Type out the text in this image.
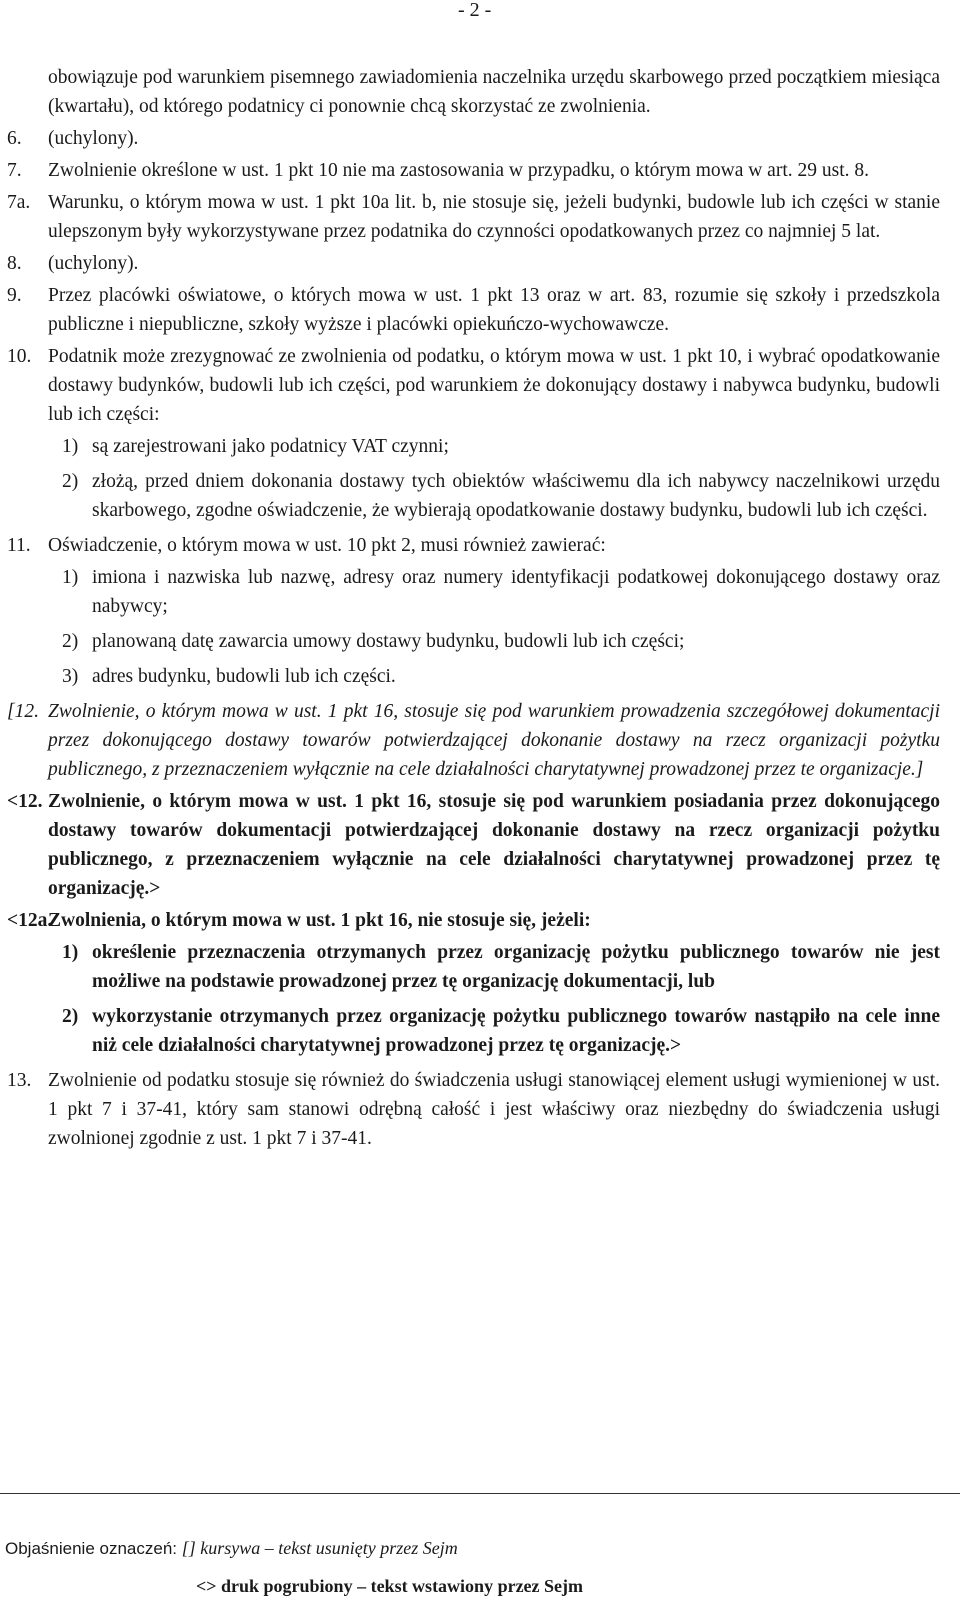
- 2 -
obowiązuje pod warunkiem pisemnego zawiadomienia naczelnika urzędu skarbowego przed początkiem miesiąca (kwartału), od którego podatnicy ci ponownie chcą skorzystać ze zwolnienia.
6. (uchylony).
7. Zwolnienie określone w ust. 1 pkt 10 nie ma zastosowania w przypadku, o którym mowa w art. 29 ust. 8.
7a. Warunku, o którym mowa w ust. 1 pkt 10a lit. b, nie stosuje się, jeżeli budynki, budowle lub ich części w stanie ulepszonym były wykorzystywane przez podatnika do czynności opodatkowanych przez co najmniej 5 lat.
8. (uchylony).
9. Przez placówki oświatowe, o których mowa w ust. 1 pkt 13 oraz w art. 83, rozumie się szkoły i przedszkola publiczne i niepubliczne, szkoły wyższe i placówki opiekuńczo-wychowawcze.
10. Podatnik może zrezygnować ze zwolnienia od podatku, o którym mowa w ust. 1 pkt 10, i wybrać opodatkowanie dostawy budynków, budowli lub ich części, pod warunkiem że dokonujący dostawy i nabywca budynku, budowli lub ich części:
1) są zarejestrowani jako podatnicy VAT czynni;
2) złożą, przed dniem dokonania dostawy tych obiektów właściwemu dla ich nabywcy naczelnikowi urzędu skarbowego, zgodne oświadczenie, że wybierają opodatkowanie dostawy budynku, budowli lub ich części.
11. Oświadczenie, o którym mowa w ust. 10 pkt 2, musi również zawierać:
1) imiona i nazwiska lub nazwę, adresy oraz numery identyfikacji podatkowej dokonującego dostawy oraz nabywcy;
2) planowaną datę zawarcia umowy dostawy budynku, budowli lub ich części;
3) adres budynku, budowli lub ich części.
[12. Zwolnienie, o którym mowa w ust. 1 pkt 16, stosuje się pod warunkiem prowadzenia szczegółowej dokumentacji przez dokonującego dostawy towarów potwierdzającej dokonanie dostawy na rzecz organizacji pożytku publicznego, z przeznaczeniem wyłącznie na cele działalności charytatywnej prowadzonej przez te organizacje.]
<12. Zwolnienie, o którym mowa w ust. 1 pkt 16, stosuje się pod warunkiem posiadania przez dokonującego dostawy towarów dokumentacji potwierdzającej dokonanie dostawy na rzecz organizacji pożytku publicznego, z przeznaczeniem wyłącznie na cele działalności charytatywnej prowadzonej przez tę organizację.>
<12a.
Zwolnienia, o którym mowa w ust. 1 pkt 16, nie stosuje się, jeżeli:
1) określenie przeznaczenia otrzymanych przez organizację pożytku publicznego towarów nie jest możliwe na podstawie prowadzonej przez tę organizację dokumentacji, lub
2) wykorzystanie otrzymanych przez organizację pożytku publicznego towarów nastąpiło na cele inne niż cele działalności charytatywnej prowadzonej przez tę organizację.>
13. Zwolnienie od podatku stosuje się również do świadczenia usługi stanowiącej element usługi wymienionej w ust. 1 pkt 7 i 37-41, który sam stanowi odrębną całość i jest właściwy oraz niezbędny do świadczenia usługi zwolnionej zgodnie z ust. 1 pkt 7 i 37-41.
Objaśnienie oznaczeń: [] kursywa – tekst usunięty przez Sejm
<> druk pogrubiony – tekst wstawiony przez Sejm
